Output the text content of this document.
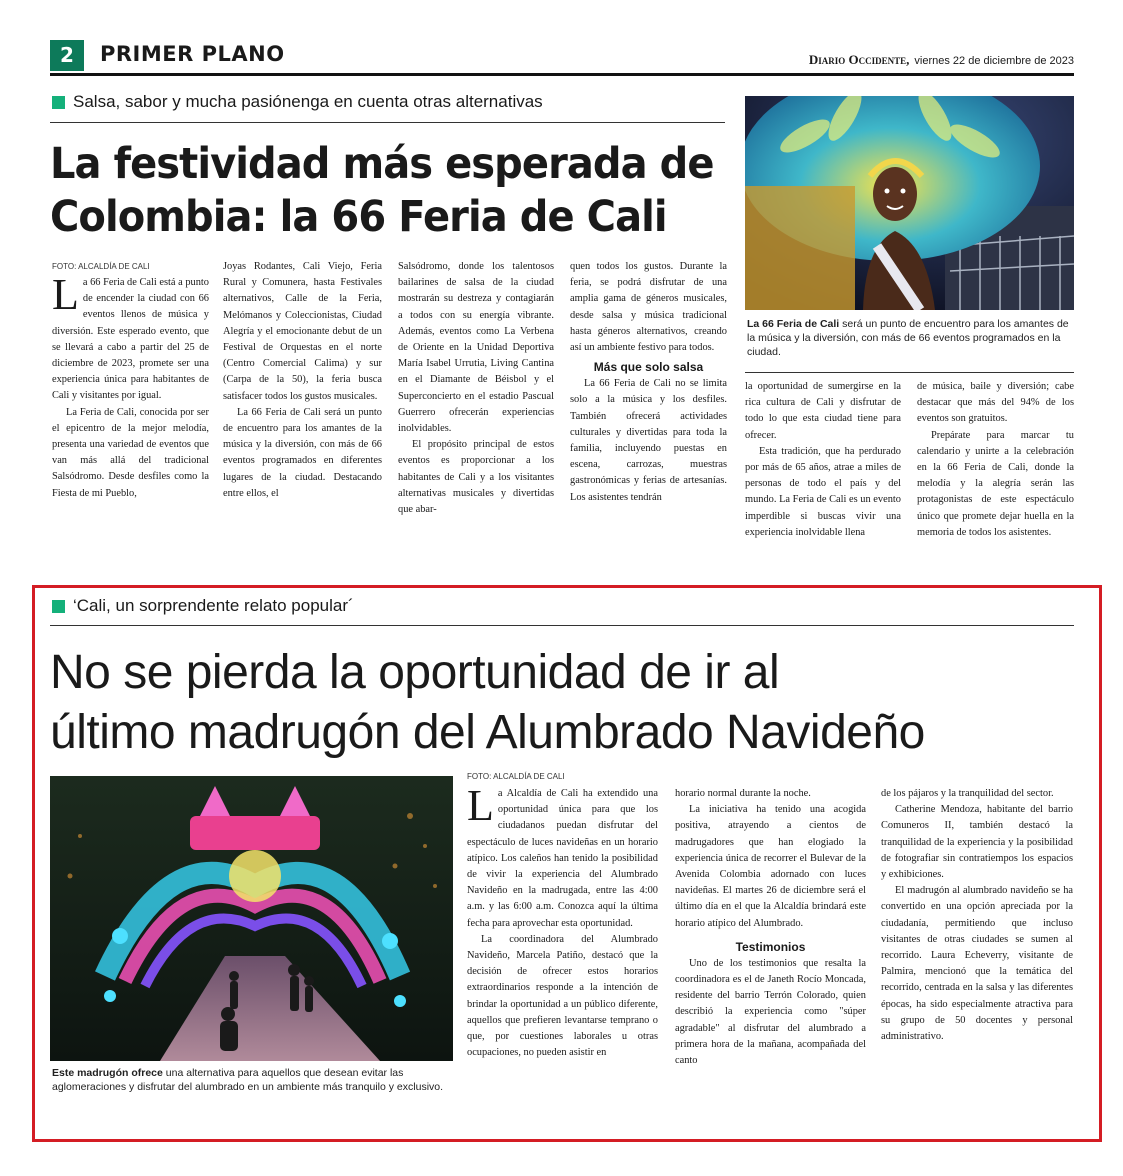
2	PRIMER PLANO	Diario Occidente, viernes 22 de diciembre de 2023
Salsa, sabor y mucha pasiónenga en cuenta otras alternativas
La festividad más esperada de
Colombia: la 66 Feria de Cali
FOTO: ALCALDÍA DE CALI
La 66 Feria de Cali será un punto de encuentro para los amantes de la música y la diversión, con más de 66 eventos programados en la ciudad.

La 66 Feria de Cali está a punto de encender la ciudad con 66 eventos llenos de música y diversión. Este esperado evento, que se llevará a cabo a partir del 25 de diciembre de 2023, promete ser una experiencia única para habitantes de Cali y visitantes por igual.

La Feria de Cali, conocida por ser el epicentro de la mejor melodía, presenta una variedad de eventos que van más allá del tradicional Salsódromo. Desde desfiles como la Fiesta de mi Pueblo,

Joyas Rodantes, Cali Viejo, Feria Rural y Comunera, hasta Festivales alternativos, Calle de la Feria, Melómanos y Coleccionistas, Ciudad Alegría y el emocionante debut de un Festival de Orquestas en el norte (Centro Comercial Calima) y sur (Carpa de la 50), la feria busca satisfacer todos los gustos musicales.

La 66 Feria de Cali será un punto de encuentro para los amantes de la música y la diversión, con más de 66 eventos programados en diferentes lugares de la ciudad. Destacando entre ellos, el

Salsódromo, donde los talentosos bailarines de salsa de la ciudad mostrarán su destreza y contagiarán a todos con su energía vibrante. Además, eventos como La Verbena de Oriente en la Unidad Deportiva María Isabel Urrutia, Living Cantina en el Diamante de Béisbol y el Superconcierto en el estadio Pascual Guerrero ofrecerán experiencias inolvidables.

El propósito principal de estos eventos es proporcionar a los habitantes de Cali y a los visitantes alternativas musicales y divertidas que abar-

quen todos los gustos. Durante la feria, se podrá disfrutar de una amplia gama de géneros musicales, desde salsa y música tradicional hasta géneros alternativos, creando así un ambiente festivo para todos.

Más que solo salsa

La 66 Feria de Cali no se limita solo a la música y los desfiles. También ofrecerá actividades culturales y divertidas para toda la familia, incluyendo puestas en escena, carrozas, muestras gastronómicas y ferias de artesanías. Los asistentes tendrán

la oportunidad de sumergirse en la rica cultura de Cali y disfrutar de todo lo que esta ciudad tiene para ofrecer.

Esta tradición, que ha perdurado por más de 65 años, atrae a miles de personas de todo el país y del mundo. La Feria de Cali es un evento imperdible si buscas vivir una experiencia inolvidable llena

de música, baile y diversión; cabe destacar que más del 94% de los eventos son gratuitos.

Prepárate para marcar tu calendario y unirte a la celebración en la 66 Feria de Cali, donde la melodía y la alegría serán las protagonistas de este espectáculo único que promete dejar huella en la memoria de todos los asistentes.

‘Cali, un sorprendente relato popular´
No se pierda la oportunidad de ir al
último madrugón del Alumbrado Navideño
Este madrugón ofrece una alternativa para aquellos que desean evitar las aglomeraciones y disfrutar del alumbrado en un ambiente más tranquilo y exclusivo.
FOTO: ALCALDÍA DE CALI

La Alcaldía de Cali ha extendido una oportunidad única para que los ciudadanos puedan disfrutar del espectáculo de luces navideñas en un horario atípico. Los caleños han tenido la posibilidad de vivir la experiencia del Alumbrado Navideño en la madrugada, entre las 4:00 a.m. y las 6:00 a.m. Conozca aquí la última fecha para aprovechar esta oportunidad.

La coordinadora del Alumbrado Navideño, Marcela Patiño, destacó que la decisión de ofrecer estos horarios extraordinarios responde a la intención de brindar la oportunidad a un público diferente, aquellos que prefieren levantarse temprano o que, por cuestiones laborales u otras ocupaciones, no pueden asistir en

horario normal durante la noche.

La iniciativa ha tenido una acogida positiva, atrayendo a cientos de madrugadores que han elogiado la experiencia única de recorrer el Bulevar de la Avenida Colombia adornado con luces navideñas. El martes 26 de diciembre será el último día en el que la Alcaldía brindará este horario atípico del Alumbrado.

Testimonios

Uno de los testimonios que resalta la coordinadora es el de Janeth Rocío Moncada, residente del barrio Terrón Colorado, quien describió la experiencia como "súper agradable" al disfrutar del alumbrado a primera hora de la mañana, acompañada del canto

de los pájaros y la tranquilidad del sector.

Catherine Mendoza, habitante del barrio Comuneros II, también destacó la tranquilidad de la experiencia y la posibilidad de fotografiar sin contratiempos los espacios y exhibiciones.

El madrugón al alumbrado navideño se ha convertido en una opción apreciada por la ciudadanía, permitiendo que incluso visitantes de otras ciudades se sumen al recorrido. Laura Echeverry, visitante de Palmira, mencionó que la temática del recorrido, centrada en la salsa y las diferentes épocas, ha sido especialmente atractiva para su grupo de 50 docentes y personal administrativo.
